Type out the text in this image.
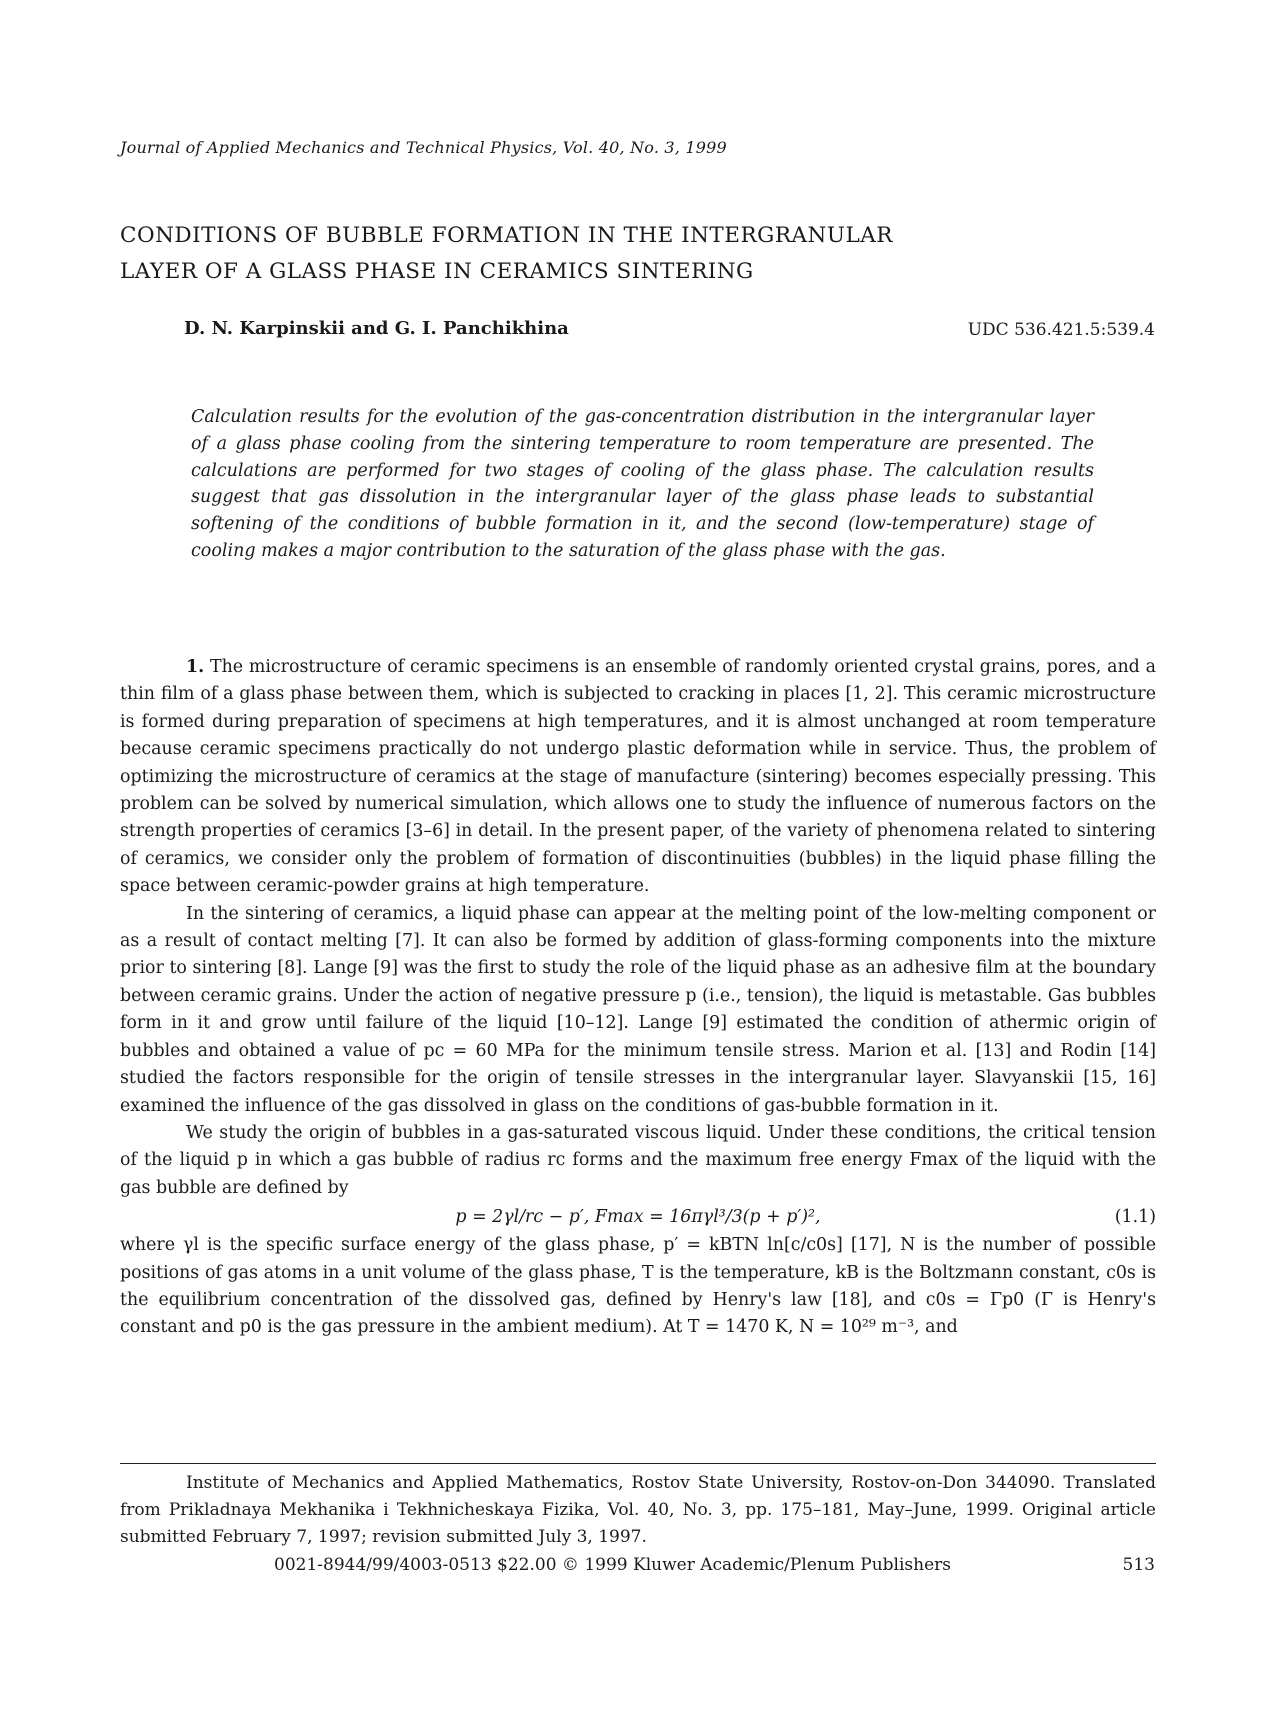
Journal of Applied Mechanics and Technical Physics, Vol. 40, No. 3, 1999
CONDITIONS OF BUBBLE FORMATION IN THE INTERGRANULAR
LAYER OF A GLASS PHASE IN CERAMICS SINTERING
D. N. Karpinskii and G. I. Panchikhina	UDC 536.421.5:539.4

Calculation results for the evolution of the gas-concentration distribution in the intergranular layer of a glass phase cooling from the sintering temperature to room temperature are presented. The calculations are performed for two stages of cooling of the glass phase. The calculation results suggest that gas dissolution in the intergranular layer of the glass phase leads to substantial softening of the conditions of bubble formation in it, and the second (low-temperature) stage of cooling makes a major contribution to the saturation of the glass phase with the gas.

1. The microstructure of ceramic specimens is an ensemble of randomly oriented crystal grains, pores, and a thin film of a glass phase between them, which is subjected to cracking in places [1, 2]. This ceramic microstructure is formed during preparation of specimens at high temperatures, and it is almost unchanged at room temperature because ceramic specimens practically do not undergo plastic deformation while in service. Thus, the problem of optimizing the microstructure of ceramics at the stage of manufacture (sintering) becomes especially pressing. This problem can be solved by numerical simulation, which allows one to study the influence of numerous factors on the strength properties of ceramics [3–6] in detail. In the present paper, of the variety of phenomena related to sintering of ceramics, we consider only the problem of formation of discontinuities (bubbles) in the liquid phase filling the space between ceramic-powder grains at high temperature.

In the sintering of ceramics, a liquid phase can appear at the melting point of the low-melting component or as a result of contact melting [7]. It can also be formed by addition of glass-forming components into the mixture prior to sintering [8]. Lange [9] was the first to study the role of the liquid phase as an adhesive film at the boundary between ceramic grains. Under the action of negative pressure p (i.e., tension), the liquid is metastable. Gas bubbles form in it and grow until failure of the liquid [10–12]. Lange [9] estimated the condition of athermic origin of bubbles and obtained a value of pc = 60 MPa for the minimum tensile stress. Marion et al. [13] and Rodin [14] studied the factors responsible for the origin of tensile stresses in the intergranular layer. Slavyanskii [15, 16] examined the influence of the gas dissolved in glass on the conditions of gas-bubble formation in it.

We study the origin of bubbles in a gas-saturated viscous liquid. Under these conditions, the critical tension of the liquid p in which a gas bubble of radius rc forms and the maximum free energy Fmax of the liquid with the gas bubble are defined by

p = 2γl/rc − p′, Fmax = 16πγl³/3(p + p′)²,	(1.1)

where γl is the specific surface energy of the glass phase, p′ = kBTN ln[c/c0s] [17], N is the number of possible positions of gas atoms in a unit volume of the glass phase, T is the temperature, kB is the Boltzmann constant, c0s is the equilibrium concentration of the dissolved gas, defined by Henry's law [18], and c0s = Γp0 (Γ is Henry's constant and p0 is the gas pressure in the ambient medium). At T = 1470 K, N = 10²⁹ m⁻³, and

Institute of Mechanics and Applied Mathematics, Rostov State University, Rostov-on-Don 344090. Translated from Prikladnaya Mekhanika i Tekhnicheskaya Fizika, Vol. 40, No. 3, pp. 175–181, May–June, 1999. Original article submitted February 7, 1997; revision submitted July 3, 1997.

0021-8944/99/4003-0513 $22.00 © 1999 Kluwer Academic/Plenum Publishers	513
